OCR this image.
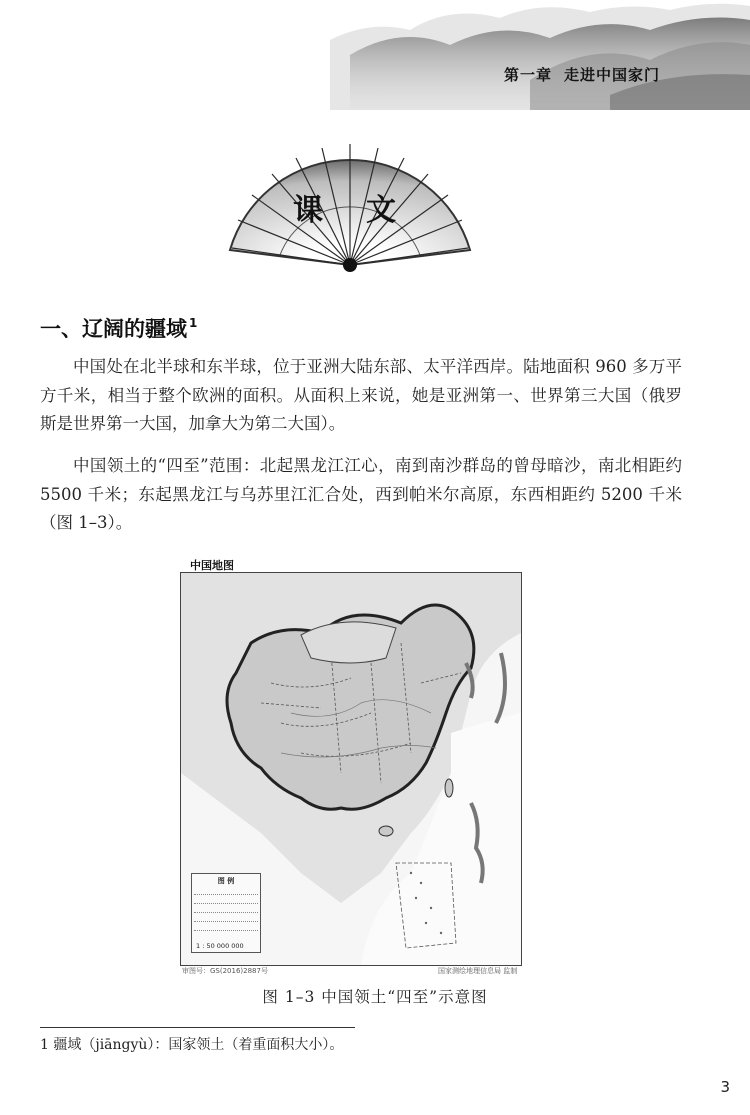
第一章 走进中国家门
课 文
一、辽阔的疆域 $^1$

中国处在北半球和东半球，位于亚洲大陆东部、太平洋西岸。陆地面积 960 多万平方千米，相当于整个欧洲的面积。从面积上来说，她是亚洲第一、世界第三大国（俄罗斯是世界第一大国，加拿大为第二大国）。

中国领土的“四至”范围：北起黑龙江江心，南到南沙群岛的曾母暗沙，南北相距约 5500 千米；东起黑龙江与乌苏里江汇合处，西到帕米尔高原，东西相距约 5200 千米（图 1–3）。

中国地图
图 例
1 : 50 000 000
审图号：GS(2016)2887号	国家测绘地理信息局 监制
图 1–3 中国领土“四至”示意图
1 疆域（jiāngyù）：国家领土（着重面积大小）。
3
